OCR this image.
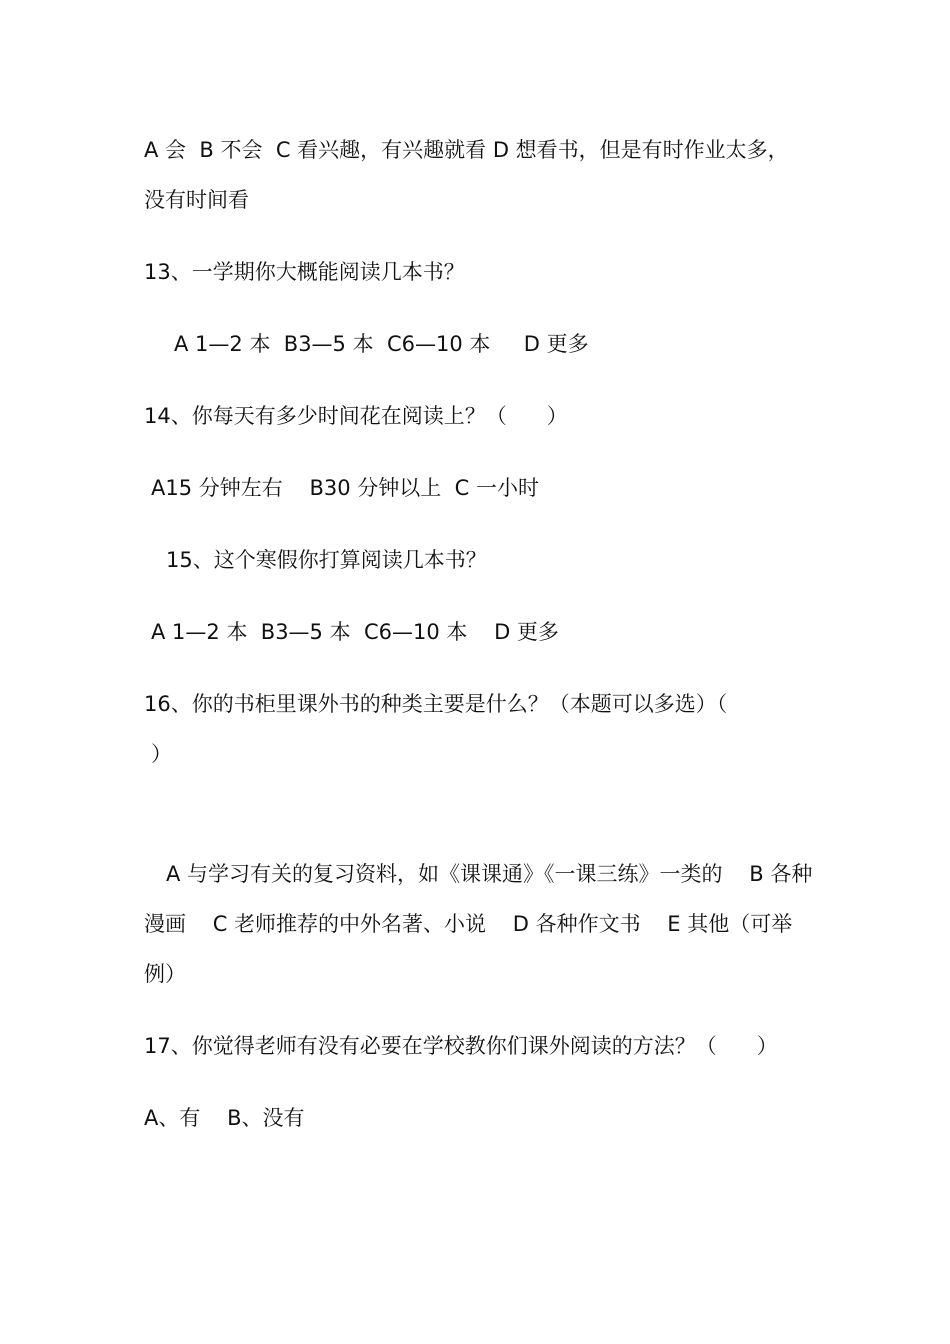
A 会  B 不会  C 看兴趣，有兴趣就看 D 想看书，但是有时作业太多，
没有时间看
13、一学期你大概能阅读几本书？
A 1—2 本  B3—5 本  C6—10 本     D 更多
14、你每天有多少时间花在阅读上？（      ）
A15 分钟左右    B30 分钟以上  C 一小时
15、这个寒假你打算阅读几本书？
A 1—2 本  B3—5 本  C6—10 本    D 更多
16、你的书柜里课外书的种类主要是什么？（本题可以多选）（
）
A 与学习有关的复习资料，如《课课通》《一课三练》一类的    B 各种
漫画    C 老师推荐的中外名著、小说    D 各种作文书    E 其他（可举
例）
17、你觉得老师有没有必要在学校教你们课外阅读的方法？（      ）
A、有    B、没有
